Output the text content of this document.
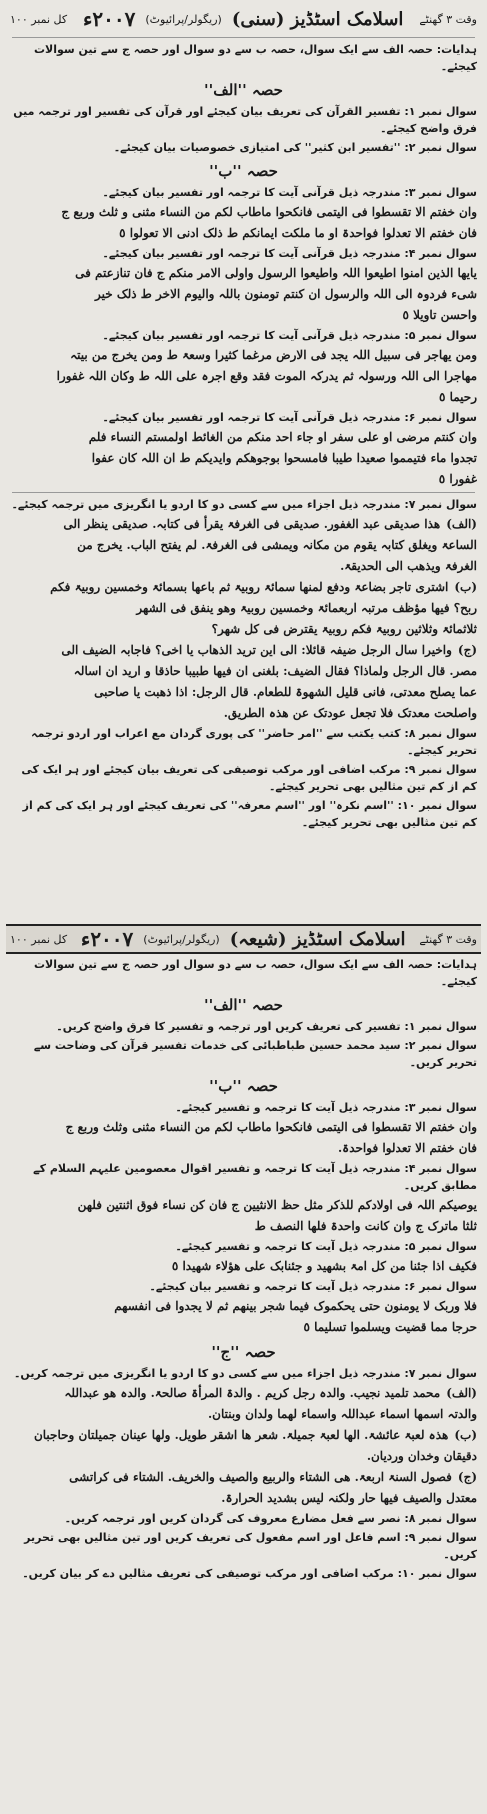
وقت ۳ گھنٹے
اسلامک اسٹڈیز (سنی)
(ریگولر/پرائیوٹ)
۲۰۰۷ء
کل نمبر ۱۰۰
ہدایات: حصہ الف سے ایک سوال، حصہ ب سے دو سوال اور حصہ ج سے تین سوالات کیجئے۔
حصہ ''الف''
سوال نمبر ۱: تفسیر القرآن کی تعریف بیان کیجئے اور قرآن کی تفسیر اور ترجمہ میں فرق واضح کیجئے۔
سوال نمبر ۲: ''تفسیر ابن کثیر'' کی امتیازی خصوصیات بیان کیجئے۔
حصہ ''ب''
سوال نمبر ۳: مندرجہ ذیل قرآنی آیت کا ترجمہ اور تفسیر بیان کیجئے۔
وان خفتم الا تقسطوا فی الیتمی فانکحوا ماطاب لکم من النساء مثنی و ثلث وربع ج
فان خفتم الا تعدلوا فواحدۃ او ما ملکت ایمانکم ط ذلک ادنی الا تعولوا ٥
سوال نمبر ۴: مندرجہ ذیل قرآنی آیت کا ترجمہ اور تفسیر بیان کیجئے۔
یایھا الذین امنوا اطیعوا اللہ واطیعوا الرسول واولی الامر منکم ج فان تنازعتم فی
شیء فردوہ الی اللہ والرسول ان کنتم تومنون باللہ والیوم الاخر ط ذلک خیر
واحسن تاویلا ٥
سوال نمبر ۵: مندرجہ ذیل قرآنی آیت کا ترجمہ اور تفسیر بیان کیجئے۔
ومن یھاجر فی سبیل اللہ یجد فی الارض مرغما کثیرا وسعۃ ط ومن یخرج من بیتہ
مھاجرا الی اللہ ورسولہ ثم یدرکہ الموت فقد وقع اجرہ علی اللہ ط وکان اللہ غفورا
رحیما ٥
سوال نمبر ۶: مندرجہ ذیل قرآنی آیت کا ترجمہ اور تفسیر بیان کیجئے۔
وان کنتم مرضی او علی سفر او جاء احد منکم من الغائط اولمستم النساء فلم
تجدوا ماء فتیمموا صعیدا طیبا فامسحوا بوجوھکم وایدیکم ط ان اللہ کان عفوا
غفورا ٥
سوال نمبر ۷: مندرجہ ذیل اجزاء میں سے کسی دو کا اردو یا انگریزی میں ترجمہ کیجئے۔
(الف)
ھذا صدیقی عبد الغفور. صدیقی فی الغرفۃ یقرأ فی کتابہ. صدیقی ینظر الی
الساعۃ ویغلق کتابہ یقوم من مکانہ ویمشی فی الغرفۃ. لم یفتح الباب. یخرج من
الغرفۃ ویذھب الی الحدیقۃ.
(ب)
اشتری تاجر بضاعۃ ودفع لمنھا سمائۃ روبیۃ ثم باعھا بسمائۃ وخمسین روبیۃ فکم
ربح؟ فیھا مؤظف مرتبہ اربعمائۃ وخمسین روبیۃ وھو ینفق فی الشھر
ثلاثمائۃ وثلاثین روبیۃ فکم روبیۃ یقترض فی کل شھر؟
(ج)
واخیرا سال الرجل ضیفہ قائلا: الی این ترید الذھاب یا اخی؟ فاجابہ الضیف الی
مصر. قال الرجل ولماذا؟ فقال الضیف: بلغنی ان فیھا طبیبا حاذقا و ارید ان اسالہ
عما یصلح معدتی، فانی قلیل الشھوۃ للطعام. قال الرجل: اذا ذھبت یا صاحبی
واصلحت معدتک فلا تجعل عودتک عن ھذہ الطریق.
سوال نمبر ۸: کتب یکتب سے ''امر حاضر'' کی پوری گردان مع اعراب اور اردو ترجمہ تحریر کیجئے۔
سوال نمبر ۹: مرکب اضافی اور مرکب توصیفی کی تعریف بیان کیجئے اور ہر ایک کی کم از کم تین مثالیں بھی تحریر کیجئے۔
سوال نمبر ۱۰: ''اسم نکرہ'' اور ''اسم معرفہ'' کی تعریف کیجئے اور ہر ایک کی کم از کم تین مثالیں بھی تحریر کیجئے۔
وقت ۳ گھنٹے
اسلامک اسٹڈیز (شیعہ)
(ریگولر/پرائیوٹ)
۲۰۰۷ء
کل نمبر ۱۰۰
ہدایات: حصہ الف سے ایک سوال، حصہ ب سے دو سوال اور حصہ ج سے تین سوالات کیجئے۔
حصہ ''الف''
سوال نمبر ۱: تفسیر کی تعریف کریں اور ترجمہ و تفسیر کا فرق واضح کریں۔
سوال نمبر ۲: سید محمد حسین طباطبائی کی خدمات تفسیر قرآن کی وضاحت سے تحریر کریں۔
حصہ ''ب''
سوال نمبر ۳: مندرجہ ذیل آیت کا ترجمہ و تفسیر کیجئے۔
وان خفتم الا تقسطوا فی الیتمی فانکحوا ماطاب لکم من النساء مثنی وثلث وربع ج
فان خفتم الا تعدلوا فواحدۃ.
سوال نمبر ۴: مندرجہ ذیل آیت کا ترجمہ و تفسیر اقوال معصومین علیہم السلام کے مطابق کریں۔
یوصیکم اللہ فی اولادکم للذکر مثل حظ الانثیین ج فان کن نساء فوق اثنتین فلھن
ثلثا ماترک ج وان کانت واحدۃ فلھا النصف ط
سوال نمبر ۵: مندرجہ ذیل آیت کا ترجمہ و تفسیر کیجئے۔
فکیف اذا جئنا من کل امۃ بشھید و جئنابک علی ھؤلاء شھیدا ٥
سوال نمبر ۶: مندرجہ ذیل آیت کا ترجمہ و تفسیر بیان کیجئے۔
فلا وربک لا یومنون حتی یحکموک فیما شجر بینھم ثم لا یجدوا فی انفسھم
حرجا مما قضیت ویسلموا تسلیما ٥
حصہ ''ج''
سوال نمبر ۷: مندرجہ ذیل اجزاء میں سے کسی دو کا اردو یا انگریزی میں ترجمہ کریں۔
(الف)
محمد تلمید نجیب. والدہ رجل کریم . والدۃ المرأۃ صالحۃ. والدہ ھو عبداللہ
والدتہ اسمھا اسماء عبداللہ واسماء لھما ولدان وبنتان.
(ب)
ھذہ لعبۃ عائشۃ. الھا لعبۃ جمیلۃ. شعر ھا اشقر طویل. ولھا عینان جمیلتان وحاجبان
دقیقان وخدان وردیان.
(ج)
فصول السنۃ اربعۃ. ھی الشتاء والربیع والصیف والخریف. الشتاء فی کراتشی
معتدل والصیف فیھا حار ولکنہ لیس بشدید الحرارۃ.
سوال نمبر ۸: نصر سے فعل مضارع معروف کی گردان کریں اور ترجمہ کریں۔
سوال نمبر ۹: اسم فاعل اور اسم مفعول کی تعریف کریں اور تین مثالیں بھی تحریر کریں۔
سوال نمبر ۱۰: مرکب اضافی اور مرکب توصیفی کی تعریف مثالیں دے کر بیان کریں۔
